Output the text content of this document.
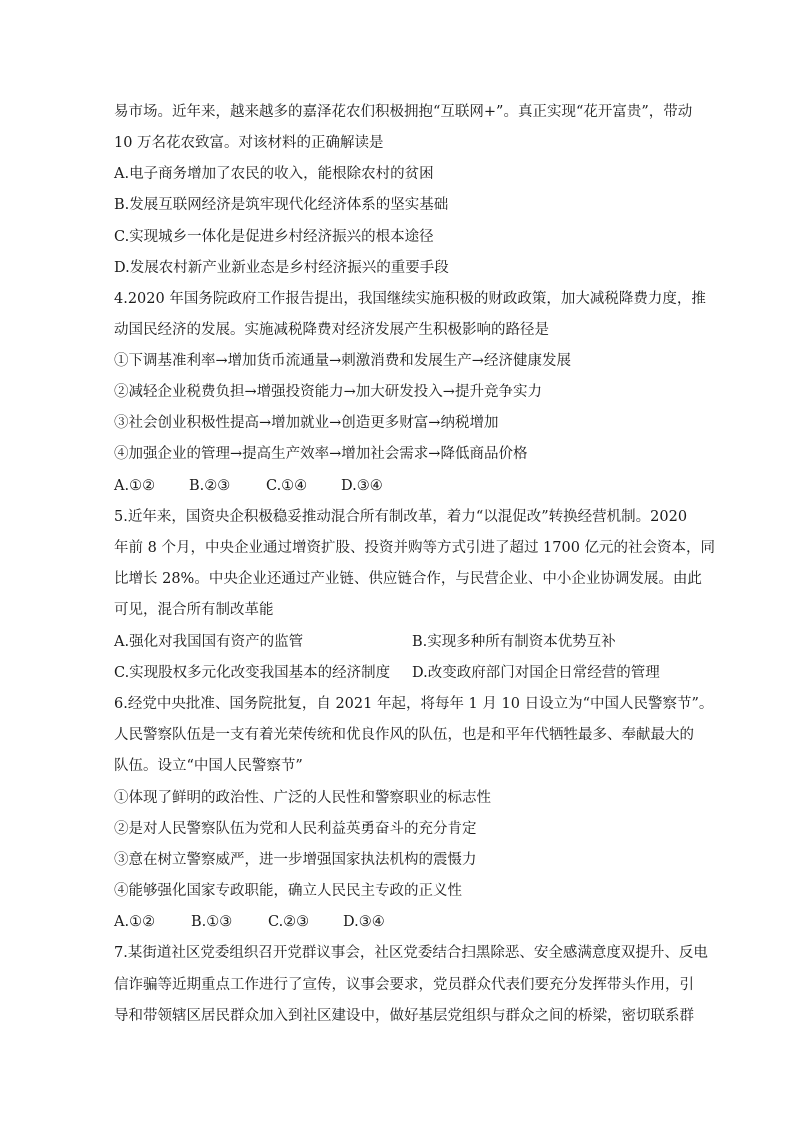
易市场。近年来，越来越多的嘉泽花农们积极拥抱“互联网+”。真正实现“花开富贵”，带动
10 万名花农致富。对该材料的正确解读是
A.电子商务增加了农民的收入，能根除农村的贫困
B.发展互联网经济是筑牢现代化经济体系的坚实基础
C.实现城乡一体化是促进乡村经济振兴的根本途径
D.发展农村新产业新业态是乡村经济振兴的重要手段
4.2020 年国务院政府工作报告提出，我国继续实施积极的财政政策，加大减税降费力度，推
动国民经济的发展。实施减税降费对经济发展产生积极影响的路径是
①下调基准利率→增加货币流通量→刺激消费和发展生产→经济健康发展
②减轻企业税费负担→增强投资能力→加大研发投入→提升竞争实力
③社会创业积极性提高→增加就业→创造更多财富→纳税增加
④加强企业的管理→提高生产效率→增加社会需求→降低商品价格
A.①② B.②③ C.①④ D.③④
5.近年来，国资央企积极稳妥推动混合所有制改革，着力“以混促改”转换经营机制。2020
年前 8 个月，中央企业通过增资扩股、投资并购等方式引进了超过 1700 亿元的社会资本，同
比增长 28%。中央企业还通过产业链、供应链合作，与民营企业、中小企业协调发展。由此
可见，混合所有制改革能
A.强化对我国国有资产的监管	B.实现多种所有制资本优势互补
C.实现股权多元化改变我国基本的经济制度 D.改变政府部门对国企日常经营的管理
6.经党中央批准、国务院批复，自 2021 年起，将每年 1 月 10 日设立为“中国人民警察节”。
人民警察队伍是一支有着光荣传统和优良作风的队伍，也是和平年代牺牲最多、奉献最大的
队伍。设立“中国人民警察节”
①体现了鲜明的政治性、广泛的人民性和警察职业的标志性
②是对人民警察队伍为党和人民利益英勇奋斗的充分肯定
③意在树立警察威严，进一步增强国家执法机构的震慑力
④能够强化国家专政职能，确立人民民主专政的正义性
A.①② B.①③ C.②③ D.③④
7.某街道社区党委组织召开党群议事会，社区党委结合扫黑除恶、安全感满意度双提升、反电
信诈骗等近期重点工作进行了宣传，议事会要求，党员群众代表们要充分发挥带头作用，引
导和带领辖区居民群众加入到社区建设中，做好基层党组织与群众之间的桥梁，密切联系群
